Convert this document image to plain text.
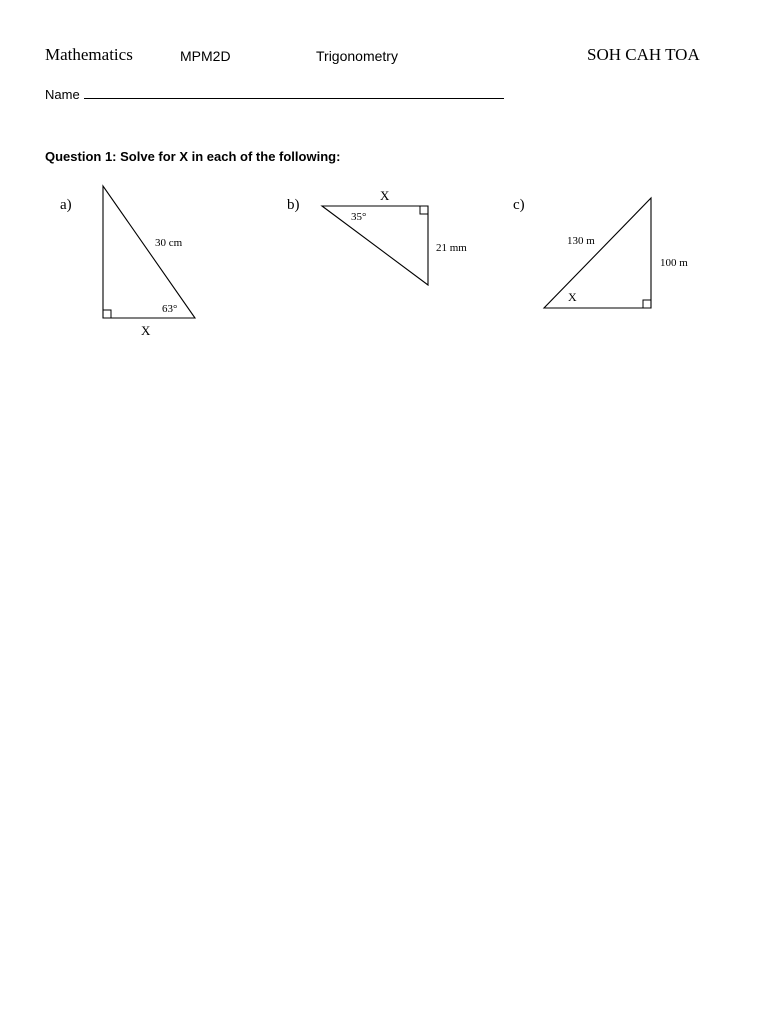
Mathematics	MPM2D	Trigonometry	SOH CAH TOA
Name
Question 1: Solve for X in each of the following:
a)
30 cm
63°
X
b)
X
35°
21 mm
c)
130 m
100 m
X
